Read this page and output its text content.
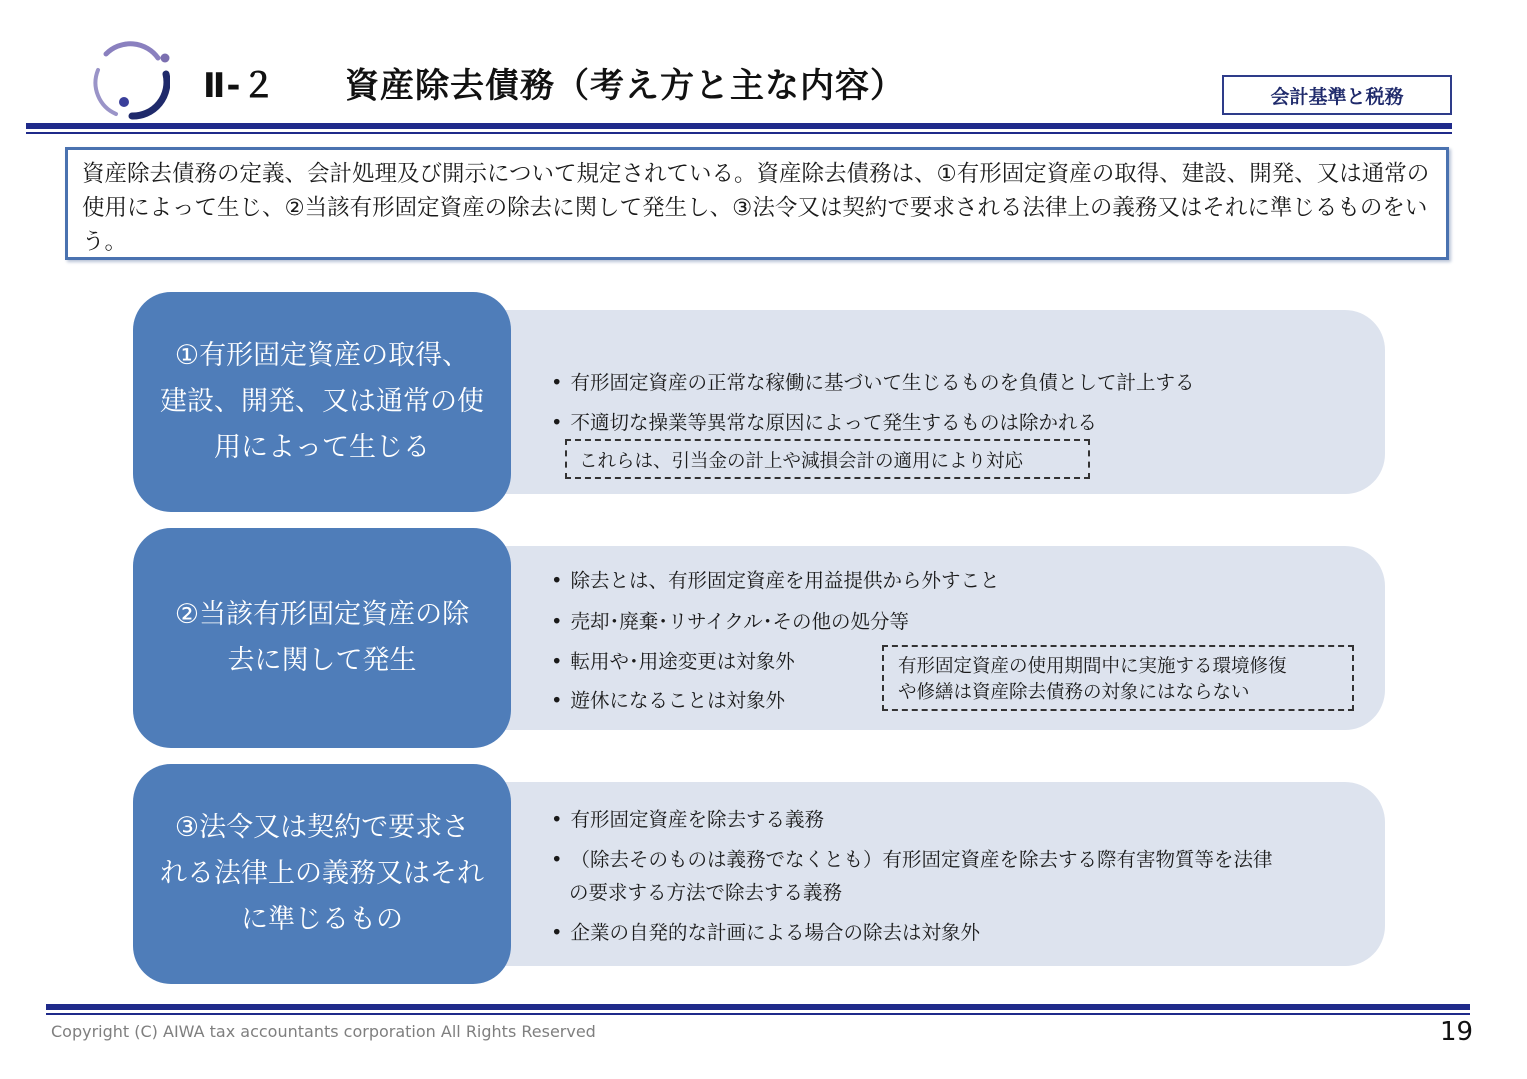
Ⅱ-２ 資産除去債務（考え方と主な内容）	会計基準と税務
資産除去債務の定義、会計処理及び開示について規定されている。資産除去債務は、①有形固定資産の取得、建設、開発、又は通常の使用によって生じ、②当該有形固定資産の除去に関して発生し、③法令又は契約で要求される法律上の義務又はそれに準じるものをいう。
• 有形固定資産の正常な稼働に基づいて生じるものを負債として計上する
• 不適切な操業等異常な原因によって発生するものは除かれる
これらは、引当金の計上や減損会計の適用により対応
①有形固定資産の取得、
建設、開発、又は通常の使
用によって生じる
• 除去とは、有形固定資産を用益提供から外すこと
• 売却･廃棄･リサイクル･その他の処分等
• 転用や･用途変更は対象外
• 遊休になることは対象外
有形固定資産の使用期間中に実施する環境修復
や修繕は資産除去債務の対象にはならない
②当該有形固定資産の除
去に関して発生
• 有形固定資産を除去する義務
• （除去そのものは義務でなくとも）有形固定資産を除去する際有害物質等を法律
の要求する方法で除去する義務
• 企業の自発的な計画による場合の除去は対象外
③法令又は契約で要求さ
れる法律上の義務又はそれ
に準じるもの
Copyright (C) AIWA tax accountants corporation All Rights Reserved	19
